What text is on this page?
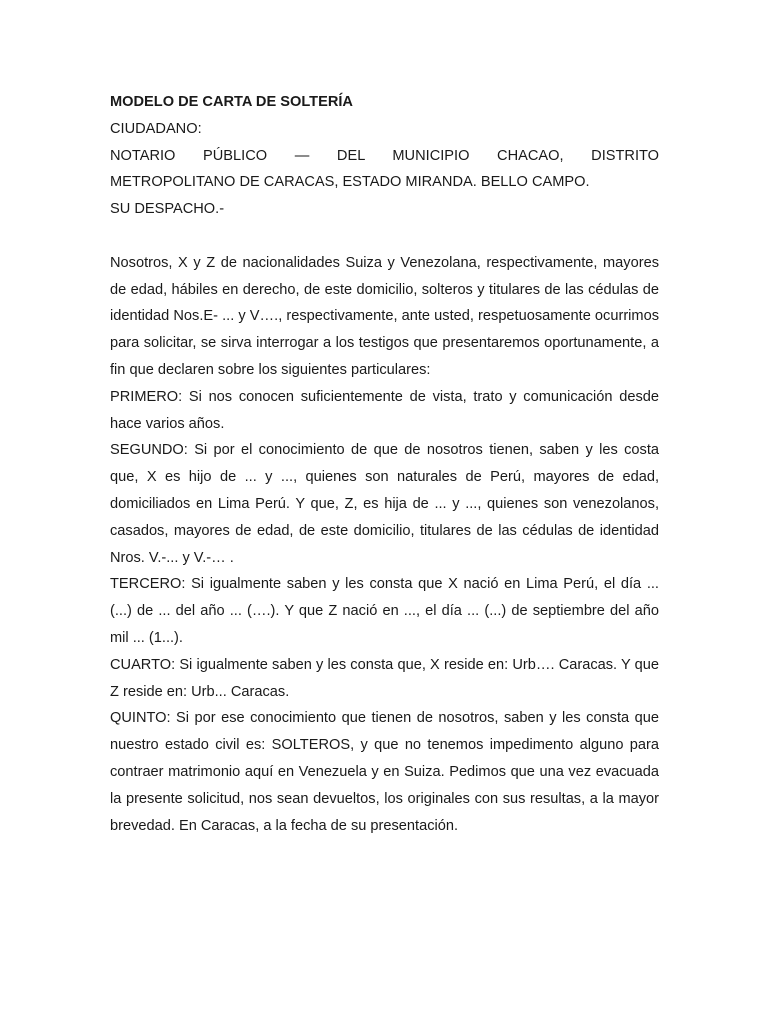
MODELO DE CARTA DE SOLTERÍA

CIUDADANO:

NOTARIO PÚBLICO — DEL MUNICIPIO CHACAO, DISTRITO

METROPOLITANO DE CARACAS, ESTADO MIRANDA. BELLO CAMPO.

SU DESPACHO.-

Nosotros, X y Z de nacionalidades Suiza y Venezolana, respectivamente, mayores de edad, hábiles en derecho, de este domicilio, solteros y titulares de las cédulas de identidad Nos.E- ... y V…., respectivamente, ante usted, respetuosamente ocurrimos para solicitar, se sirva interrogar a los testigos que presentaremos oportunamente, a fin que declaren sobre los siguientes particulares:

PRIMERO: Si nos conocen suficientemente de vista, trato y comunicación desde hace varios años.

SEGUNDO: Si por el conocimiento de que de nosotros tienen, saben y les costa que, X es hijo de ... y ..., quienes son naturales de Perú, mayores de edad, domiciliados en Lima Perú. Y que, Z, es hija de ... y ..., quienes son venezolanos, casados, mayores de edad, de este domicilio, titulares de las cédulas de identidad Nros. V.-... y V.-… .

TERCERO: Si igualmente saben y les consta que X nació en Lima Perú, el día ... (...) de ... del año ... (….). Y que Z nació en ..., el día ... (...) de septiembre del año mil ... (1...).

CUARTO: Si igualmente saben y les consta que, X reside en: Urb…. Caracas. Y que Z reside en: Urb... Caracas.

QUINTO: Si por ese conocimiento que tienen de nosotros, saben y les consta que nuestro estado civil es: SOLTEROS, y que no tenemos impedimento alguno para contraer matrimonio aquí en Venezuela y en Suiza. Pedimos que una vez evacuada la presente solicitud, nos sean devueltos, los originales con sus resultas, a la mayor brevedad. En Caracas, a la fecha de su presentación.
